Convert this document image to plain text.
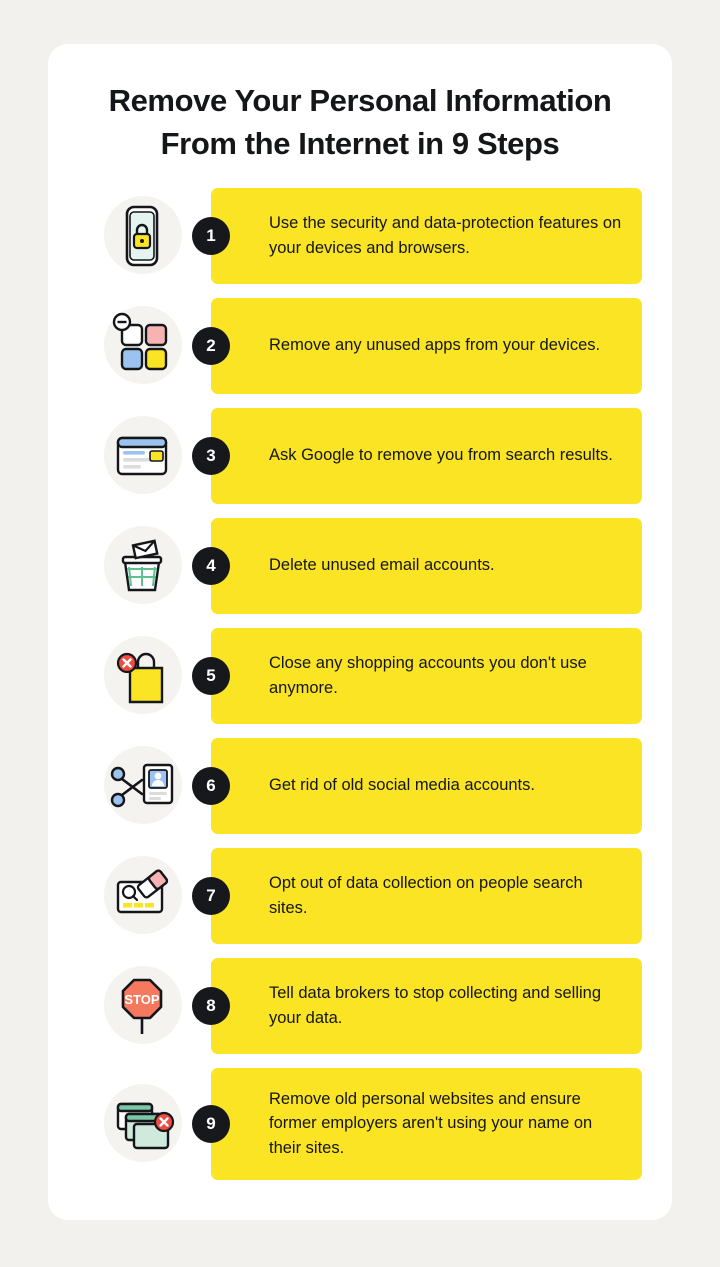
Remove Your Personal Information
From the Internet in 9 Steps
1
Use the security and data-protection features on your devices and browsers.
2	Remove any unused apps from your devices.
3	Ask Google to remove you from search results.
4	Delete unused email accounts.
5
Close any shopping accounts you don't use anymore.
6	Get rid of old social media accounts.
7
Opt out of data collection on people search sites.
STOP	8
Tell data brokers to stop collecting and selling your data.
9
Remove old personal websites and ensure former employers aren't using your name on their sites.
